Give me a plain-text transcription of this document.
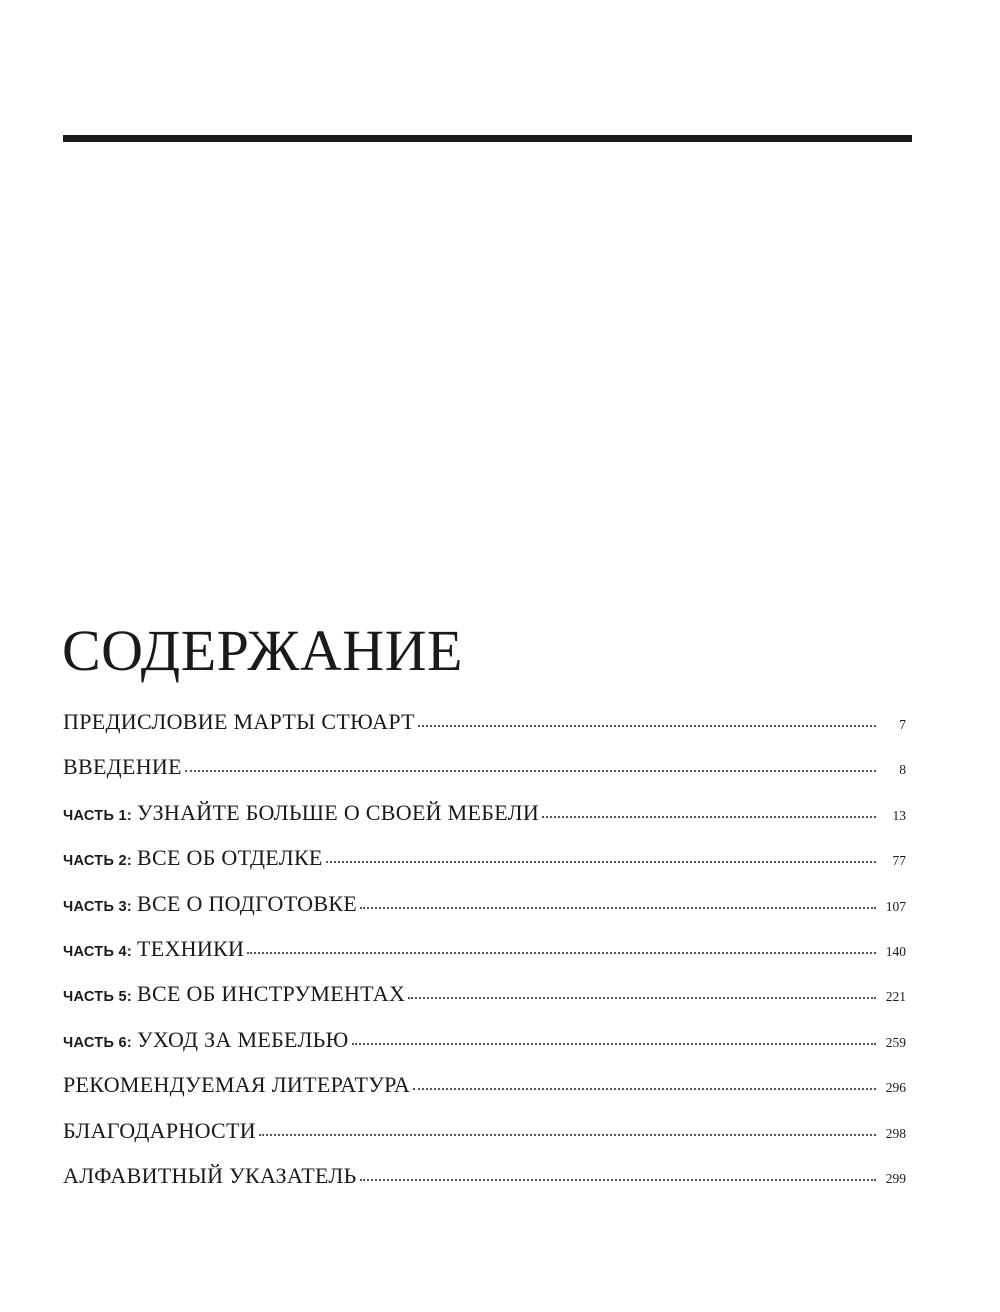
СОДЕРЖАНИЕ
ПРЕДИСЛОВИЕ МАРТЫ СТЮАРТ	7
ВВЕДЕНИЕ	8
ЧАСТЬ 1: УЗНАЙТЕ БОЛЬШЕ О СВОЕЙ МЕБЕЛИ	13
ЧАСТЬ 2: ВСЕ ОБ ОТДЕЛКЕ	77
ЧАСТЬ 3: ВСЕ О ПОДГОТОВКЕ	107
ЧАСТЬ 4: ТЕХНИКИ	140
ЧАСТЬ 5: ВСЕ ОБ ИНСТРУМЕНТАХ	221
ЧАСТЬ 6: УХОД ЗА МЕБЕЛЬЮ	259
РЕКОМЕНДУЕМАЯ ЛИТЕРАТУРА	296
БЛАГОДАРНОСТИ	298
АЛФАВИТНЫЙ УКАЗАТЕЛЬ	299
